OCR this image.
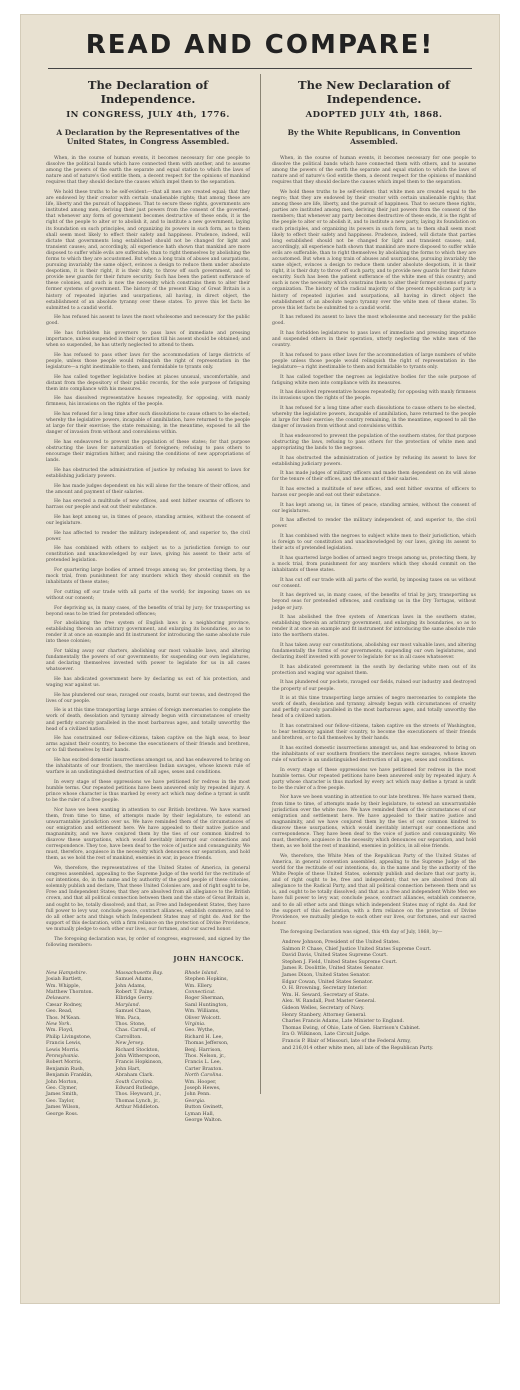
READ AND COMPARE!
The Declaration of Independence.
IN CONGRESS, JULY 4th, 1776.
A Declaration by the Representatives of the United States, in Congress Assembled.

When, in the course of human events, it becomes necessary for one people to dissolve the political bands which have connected them with another, and to assume among the powers of the earth the separate and equal station to which the laws of nature and of nature's God entitle them, a decent respect for the opinions of mankind requires that they should declare the causes which impel them to the separation.

We hold these truths to be self-evident:—that all men are created equal; that they are endowed by their creator with certain unalienable rights; that among these are life, liberty and the pursuit of happiness. That to secure these rights, governments are instituted among men, deriving their just powers from the consent of the governed; that whenever any form of government becomes destructive of these ends, it is the right of the people to alter or to abolish it, and to institute a new government, laying its foundation on such principles, and organizing its powers in such form, as to them shall seem most likely to effect their safety and happiness. Prudence, indeed, will dictate that governments long established should not be changed for light and transient causes; and, accordingly, all experience hath shown that mankind are more disposed to suffer while evils are sufferable, than to right themselves by abolishing the forms to which they are accustomed. But when a long train of abuses and usurpations, pursuing invariably the same object, evinces a design to reduce them under absolute despotism, it is their right, it is their duty, to throw off such government, and to provide new guards for their future security. Such has been the patient sufferance of these colonies, and such is now the necessity which constrains them to alter their former systems of government. The history of the present King of Great Britain is a history of repeated injuries and usurpations, all having, in direct object, the establishment of an absolute tyranny over these states. To prove this let facts be submitted to a candid world.

He has refused his assent to laws the most wholesome and necessary for the public good.

He has forbidden his governors to pass laws of immediate and pressing importance, unless suspended in their operation till his assent should be obtained; and when so suspended, he has utterly neglected to attend to them.

He has refused to pass other laws for the accommodation of large districts of people, unless those people would relinquish the right of representation in the legislature—a right inestimable to them, and formidable to tyrants only.

He has called together legislative bodies at places unusual, uncomfortable, and distant from the depository of their public records, for the sole purpose of fatiguing them into compliance with his measures.

He has dissolved representative houses repeatedly, for opposing, with manly firmness, his invasions on the rights of the people.

He has refused for a long time after such dissolutions to cause others to be elected; whereby the legislative powers, incapable of annihilation, have returned to the people at large for their exercise; the state remaining, in the meantime, exposed to all the danger of invasion from without and convulsions within.

He has endeavored to prevent the population of these states; for that purpose obstructing the laws for naturalization of foreigners; refusing to pass others to encourage their migration hither, and raising the conditions of new appropriations of lands.

He has obstructed the administration of justice by refusing his assent to laws for establishing judiciary powers.

He has made judges dependent on his will alone for the tenure of their offices, and the amount and payment of their salaries.

He has erected a multitude of new offices, and sent hither swarms of officers to harrass our people and eat out their substance.

He has kept among us, in times of peace, standing armies, without the consent of our legislature.

He has affected to render the military independent of, and superior to, the civil power.

He has combined with others to subject us to a jurisdiction foreign to our constitution and unacknowledged by our laws, giving his assent to their acts of pretended legislation.

For quartering large bodies of armed troops among us; for protecting them, by a mock trial, from punishment for any murders which they should commit on the inhabitants of these states;

For cutting off our trade with all parts of the world; for imposing taxes on us without our consent;

For depriving us, in many cases, of the benefits of trial by jury; for transporting us beyond seas to be tried for pretended offences;

For abolishing the free system of English laws in a neighboring province, establishing therein an arbitrary government, and enlarging its boundaries, so as to render it at once an example and fit instrument for introducing the same absolute rule into these colonies;

For taking away our charters, abolishing our most valuable laws, and altering fundamentally the powers of our governments; for suspending our own legislatures, and declaring themselves invested with power to legislate for us in all cases whatsoever.

He has abdicated government here by declaring us out of his protection, and waging war against us.

He has plundered our seas, ravaged our coasts, burnt our towns, and destroyed the lives of our people.

He is at this time transporting large armies of foreign mercenaries to complete the work of death, desolation and tyranny already begun with circumstances of cruelty and perfidy scarcely paralleled in the most barbarous ages, and totally unworthy the head of a civilized nation.

He has constrained our fellow-citizens, taken captive on the high seas, to bear arms against their country, to become the executioners of their friends and brethren, or to fall themselves by their hands.

He has excited domestic insurrections amongst us, and has endeavored to bring on the inhabitants of our frontiers, the merciless Indian savages, whose known rule of warfare is an undistinguished destruction of all ages, sexes and conditions.

In every stage of these oppressions we have petitioned for redress in the most humble terms. Our repeated petitions have been answered only by repeated injury. A prince whose character is thus marked by every act which may define a tyrant is unfit to be the ruler of a free people.

Nor have we been wanting in attention to our British brethren. We have warned them, from time to time, of attempts made by their legislature, to extend an unwarrantable jurisdiction over us. We have reminded them of the circumstances of our emigration and settlement here. We have appealed to their native justice and magnanimity, and we have conjured them by the ties of our common kindred to disavow these usurpations, which would inevitably interrupt our connections and correspondence. They too, have been deaf to the voice of justice and consanguinity. We must, therefore, acquiesce in the necessity which denounces our separation, and hold them, as we hold the rest of mankind, enemies in war, in peace friends.

We, therefore, the representatives of the United States of America, in general congress assembled, appealing to the Supreme Judge of the world for the rectitude of our intentions, do, in the name and by authority of the good people of these colonies, solemnly publish and declare, That these United Colonies are, and of right ought to be, Free and Independent States; that they are absolved from all allegiance to the British crown, and that all political connection between them and the state of Great Britain is, and ought to be, totally dissolved; and that, as Free and Independent States, they have full power to levy war, conclude peace, contract alliances, establish commerce, and to do all other acts and things which Independent States may of right do. And for the support of this declaration, with a firm reliance on the protection of Divine Providence, we mutually pledge to each other our lives, our fortunes, and our sacred honor.

The foregoing declaration was, by order of congress, engrossed, and signed by the following members:

JOHN HANCOCK.
New Hampshire.
Josiah Bartlett,
Wm. Whipple,
Matthew Thornton.
Delaware.
Cæsar Rodney,
Geo. Read,
Thos. M'Kean.
New York.
Wm. Floyd,
Philip Livingstone,
Francis Lewis,
Lewis Morris.
Pennsylvania.
Robert Morris,
Benjamin Rush,
Benjamin Franklin,
John Morton,
Geo. Clymer,
James Smith,
Geo. Taylor,
James Wilson,
George Ross.
Massachusetts Bay.
Samuel Adams,
John Adams,
Robert T. Paine,
Elbridge Gerry.
Maryland.
Samuel Chase,
Wm. Paca,
Thos. Stone,
Chas. Carroll, of
Carrollton.
New Jersey.
Richard Stockton,
John Witherspoon,
Francis Hopkinson,
John Hart,
Abraham Clark.
South Carolina.
Edward Rutledge,
Thos. Heyward, jr.,
Thomas Lynch, jr.,
Arthur Middleton.
Rhode Island.
Stephen Hopkins,
Wm. Ellery.
Connecticut.
Roger Sherman,
Saml Huntington,
Wm. Williams,
Oliver Wolcott.
Virginia.
Geo. Wythe,
Richard H. Lee,
Thomas Jefferson,
Benj. Harrison,
Thos. Nelson, jr.,
Francis L. Lee,
Carter Braxton.
North Carolina.
Wm. Hooper,
Joseph Hewes,
John Penn.
Georgia.
Button Gwinett,
Lyman Hall,
George Walton.
The New Declaration of Independence.
ADOPTED JULY 4th, 1868.
By the White Republicans, in Convention Assembled.

When, in the course of human events, it becomes necessary for one people to dissolve the political bands which have connected them with others, and to assume among the powers of the earth the separate and equal station to which the laws of nature and of nature's God entitle them, a decent respect for the opinions of mankind requires that they should declare the causes which impel them to the separation.

We hold these truths to be self-evident: that white men are created equal to the negro; that they are endowed by their creator with certain unalienable rights; that among these are life, liberty, and the pursuit of happiness. That to secure these rights, parties are instituted among men, deriving their just powers from the consent of the members; that whenever any party becomes destructive of these ends, it is the right of the people to alter or to abolish it, and to institute a new party, laying its foundation on such principles, and organizing its powers in such form, as to them shall seem most likely to effect their safety and happiness. Prudence, indeed, will dictate that parties long established should not be changed for light and transient causes; and, accordingly, all experience hath shown that mankind are more disposed to suffer while evils are sufferable, than to right themselves by abolishing the forms to which they are accustomed. But when a long train of abuses and usurpations, pursuing invariably the same object, evinces a design to reduce them under absolute despotism, it is their right, it is their duty to throw off such party, and to provide new guards for their future security. Such has been the patient sufferance of the white men of this country; and such is now the necessity which constrains them to alter their former systems of party organization. The history of the radical majority of the present republican party is a history of repeated injuries and usurpations, all having in direct object the establishment of an absolute negro tyranny over the white men of these states. To prove this let facts be submitted to a candid world.

It has refused its assent to laws the most wholesome and necessary for the public good.

It has forbidden legislatures to pass laws of immediate and pressing importance and suspended others in their operation, utterly neglecting the white men of the country.

It has refused to pass other laws for the accommodation of large numbers of white people unless those people would relinquish the right of representation in the legislature—a right inestimable to them and formidable to tyrants only.

It has called together the negroes as legislative bodies for the sole purpose of fatiguing white men into compliance with its measures.

It has dissolved representative houses repeatedly, for opposing with manly firmness its invasions upon the rights of the people.

It has refused for a long time after such dissolutions to cause others to be elected, whereby the legislative powers, incapable of annihilation, have returned to the people at large for their exercise; the country remaining, in the meantime, exposed to all the danger of invasion from without and convulsions within.

It has endeavored to prevent the population of the southern states, for that purpose obstructing the laws, refusing to pass others for the protection of white men and appropriating the lands to the negroes.

It has obstructed the administration of justice by refusing its assent to laws for establishing judiciary powers.

It has made judges of military officers and made them dependent on its will alone for the tenure of their offices, and the amount of their salaries.

It has erected a multitude of new offices, and sent hither swarms of officers to harass our people and eat out their substance.

It has kept among us, in times of peace, standing armies, without the consent of our legislatures.

It has affected to render the military independent of, and superior to, the civil power.

It has combined with the negroes to subject white men to their jurisdiction, which is foreign to our constitution and unacknowledged by our laws, giving its assent to their acts of pretended legislation.

It has quartered large bodies of armed negro troops among us, protecting them, by a mock trial, from punishment for any murders which they should commit on the inhabitants of these states.

It has cut off our trade with all parts of the world, by imposing taxes on us without our consent.

It has deprived us, in many cases, of the benefits of trial by jury, transporting us beyond seas for pretended offences, and confining us in the Dry Tortugas, without judge or jury.

It has abolished the free system of American laws in the southern states, establishing therein an arbitrary government, and enlarging its boundaries, so as to render it at once an example and fit instrument for introducing the same absolute rule into the northern states.

It has taken away our constitutions, abolishing our most valuable laws, and altering fundamentally the forms of our governments, suspending our own legislatures, and declaring itself invested with power to legislate for us in all cases whatsoever.

It has abdicated government in the south by declaring white men out of its protection and waging war against them.

It has plundered our pockets, ravaged our fields, ruined our industry and destroyed the property of our people.

It is at this time transporting large armies of negro mercenaries to complete the work of death, desolation and tyranny, already begun with circumstances of cruelty and perfidy scarcely paralleled in the most barbarous ages, and totally unworthy the head of a civilized nation.

It has constrained our fellow-citizens, taken captive on the streets of Washington, to bear testimony against their country, to become the executioners of their friends and brethren, or to fall themselves by their hands.

It has excited domestic insurrections amongst us, and has endeavored to bring on the inhabitants of our southern frontiers the merciless negro savages, whose known rule of warfare is an undistinguished destruction of all ages, sexes and conditions.

In every stage of these oppressions we have petitioned for redress in the most humble terms. Our repeated petitions have been answered only by repeated injury. A party whose character is thus marked by every act which may define a tyrant is unfit to be the ruler of a free people.

Nor have we been wanting in attention to our late brethren. We have warned them, from time to time, of attempts made by their legislature, to extend an unwarrantable jurisdiction over the white race. We have reminded them of the circumstances of our emigration and settlement here. We have appealed to their native justice and magnanimity, and we have conjured them by the ties of our common kindred to disavow these usurpations, which would inevitably interrupt our connections and correspondence. They have been deaf to the voice of justice and consanguinity. We must, therefore, acquiesce in the necessity which denounces our separation, and hold them, as we hold the rest of mankind, enemies in politics, in all else friends.

We, therefore, the White Men of the Republican Party of the United States of America, in general convention assembled, appealing to the Supreme Judge of the world for the rectitude of our intentions, do, in the name and by the authority of the White People of these United States, solemnly publish and declare that our party is, and of right ought to be, free and independent; that we are absolved from all allegiance to the Radical Party, and that all political connection between them and us is, and ought to be totally dissolved; and that as a free and independent White Men we have full power to levy war, conclude peace, contract alliances, establish commerce, and to do all other acts and things which independent States may of right do. And for the support of this declaration, with a firm reliance on the protection of Divine Providence, we mutually pledge to each other our lives, our fortunes, and our sacred honor.

The foregoing Declaration was signed, this 4th day of July, 1868, by—

Andrew Johnson, President of the United States.
Salmon P. Chase, Chief Justice United States Supreme Court.
David Davis, United States Supreme Court.
Stephen J. Field, United States Supreme Court.
James R. Doolittle, United States Senator.
James Dixon, United States Senator.
Edgar Cowan, United States Senator.
O. H. Browning, Secretary Interior.
Wm. H. Seward, Secretary of State.
Alex. W. Randall, Post Master General.
Gideon Welles, Secretary of Navy.
Henry Stanbery, Attorney General.
Charles Francis Adams, Late Minister to England.
Thomas Ewing, of Ohio, Late of Gen. Harrison's Cabinet.
Ira O. Wilkinson, Late Circuit Judge.
Francis P. Blair of Missouri, late of the Federal Army,
and 216,014 other white men, all late of the Republican Party.
